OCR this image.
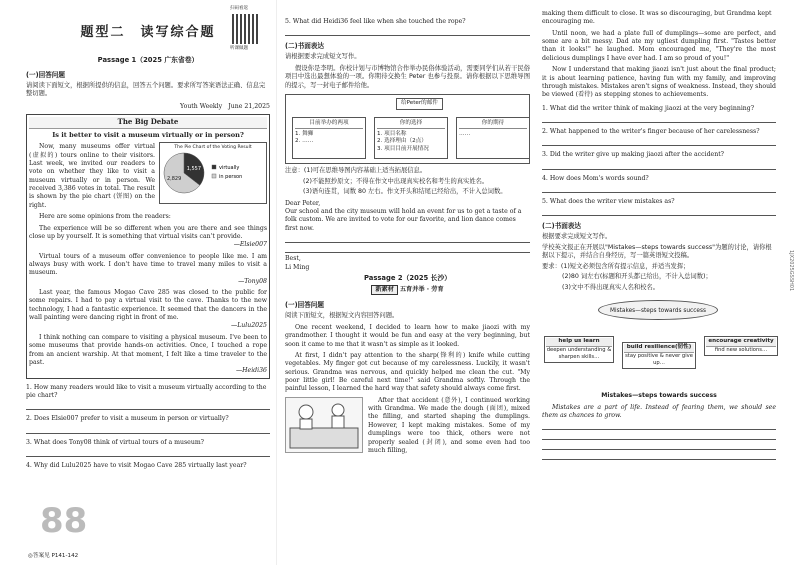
题型二　读写综合题
扫码看返
听课做题
Passage 1（2025 广东省卷）
(一)回答问题
请阅读下面短文，根据所提供的信息，回答五个问题。要求所写答案语法正确、信息完整切题。
Youth Weekly　June 21,2025
The Big Debate
Is it better to visit a museum virtually or in person?
The Pie Chart of the Voting Result
1,557
2,829
virtually
in person
Now, many museums offer virtual (虚拟的) tours online to their visitors. Last week, we invited our readers to vote on whether they like to visit a museum virtually or in person. We received 3,386 votes in total. The result is shown by the pie chart (饼图) on the right.
Here are some opinions from the readers:
The experience will be so different when you are there and see things close up by yourself. It is something that virtual visits can't provide.
—Elsie007
Virtual tours of a museum offer convenience to people like me. I am always busy with work. I don't have time to travel many miles to visit a museum.
—Tony08
Last year, the famous Mogao Cave 285 was closed to the public for some repairs. I had to pay a virtual visit to the cave. Thanks to the new technology, I had a fantastic experience. It seemed that the dancers in the wall painting were dancing right in front of me.
—Lulu2025
I think nothing can compare to visiting a physical museum. I've been to some museums that provide hands-on activities. Once, I touched a rope from an ancient warship. At that moment, I felt like a time traveler to the past.
—Heidi36
1. How many readers would like to visit a museum virtually according to the pie chart?
2. Does Elsie007 prefer to visit a museum in person or virtually?
3. What does Tony08 think of virtual tours of a museum?
4. Why did Lulu2025 have to visit Mogao Cave 285 virtually last year?
88
◎答案见 P141-142
5. What did Heidi36 feel like when she touched the rope?
(二)书面表达
请根据要求完成短文写作。
假设你是李明。你校计划与市博物馆合作举办民俗体验活动，需要同学们从若干民俗项目中选出最想体验的一项。你期待交换生 Peter 也参与投票。请你根据以下思维导图的提示，写一封电子邮件给他。
给Peter的邮件
目前举办的两项
1. 舞狮
2. ……
你的选择
1. 项目名称
2. 选择理由（2点）
3. 项目目前开展情况
你的期待
……
注意：(1)可在思维导图内容基础上适当拓展信息。
(2)不能照抄原文；不得在作文中出现真实校名和考生的真实姓名。
(3)语句连贯，词数 80 左右。作文开头和结尾已经给出，不计入总词数。
Dear Peter,
Our school and the city museum will hold an event for us to get a taste of a folk custom. We are invited to vote for our favorite, and lion dance comes first now.
Best,
Li Ming
Passage 2（2025 长沙）
新素材 五育并举 · 劳育
(一)回答问题
阅读下面短文，根据短文内容回答问题。
One recent weekend, I decided to learn how to make jiaozi with my grandmother. I thought it would be fun and easy at the very beginning, but soon it came to me that it wasn't as simple as it looked.
At first, I didn't pay attention to the sharp(锋利的) knife while cutting vegetables. My finger got cut because of my carelessness. Luckily, it wasn't serious. Grandma was nervous, and quickly helped me clean the cut. "My poor little girl! Be careful next time!" said Grandma softly. Through the painful lesson, I learned the hard way that safety should always come first.
After that accident (意外), I continued working with Grandma. We made the dough (面团), mixed the filling, and started shaping the dumplings. However, I kept making mistakes. Some of my dumplings were too thick, others were not properly sealed (封闭), and some even had too much filling,
making them difficult to close. It was so discouraging, but Grandma kept encouraging me.
Until noon, we had a plate full of dumplings—some are perfect, and some are a bit messy. Dad ate my ugliest dumpling first. "Tastes better than it looks!" he laughed. Mom encouraged me, "They're the most delicious dumplings I have ever had. I am so proud of you!"
Now I understand that making jiaozi isn't just about the final product; it is about learning patience, having fun with my family, and improving through mistakes. Mistakes aren't signs of weakness. Instead, they should be viewed (看待) as stepping stones to achievements.
1. What did the writer think of making jiaozi at the very beginning?
2. What happened to the writer's finger because of her carelessness?
3. Did the writer give up making jiaozi after the accident?
4. How does Mom's words sound?
5. What does the writer view mistakes as?
(二)书面表达
根据要求完成短文写作。
学校英文报正在开展以"Mistakes—steps towards success"为题的讨论，请你根据以下提示，并结合自身经历，写一篇英语短文投稿。
要求：(1)短文必须包含所有提示信息，并适当发挥；
(2)80 词左右(标题和开头都已给出，不计入总词数)；
(3)文中不得出现真实人名和校名。
Mistakes—steps towards success
help us learn
deepen understanding & sharpen skills…
build resilience(韧性)
stay positive & never give up…
encourage creativity
find new solutions…
Mistakes—steps towards success
Mistakes are a part of life. Instead of fearing them, we should see them as chances to grow.
1JX2025GSSH01
